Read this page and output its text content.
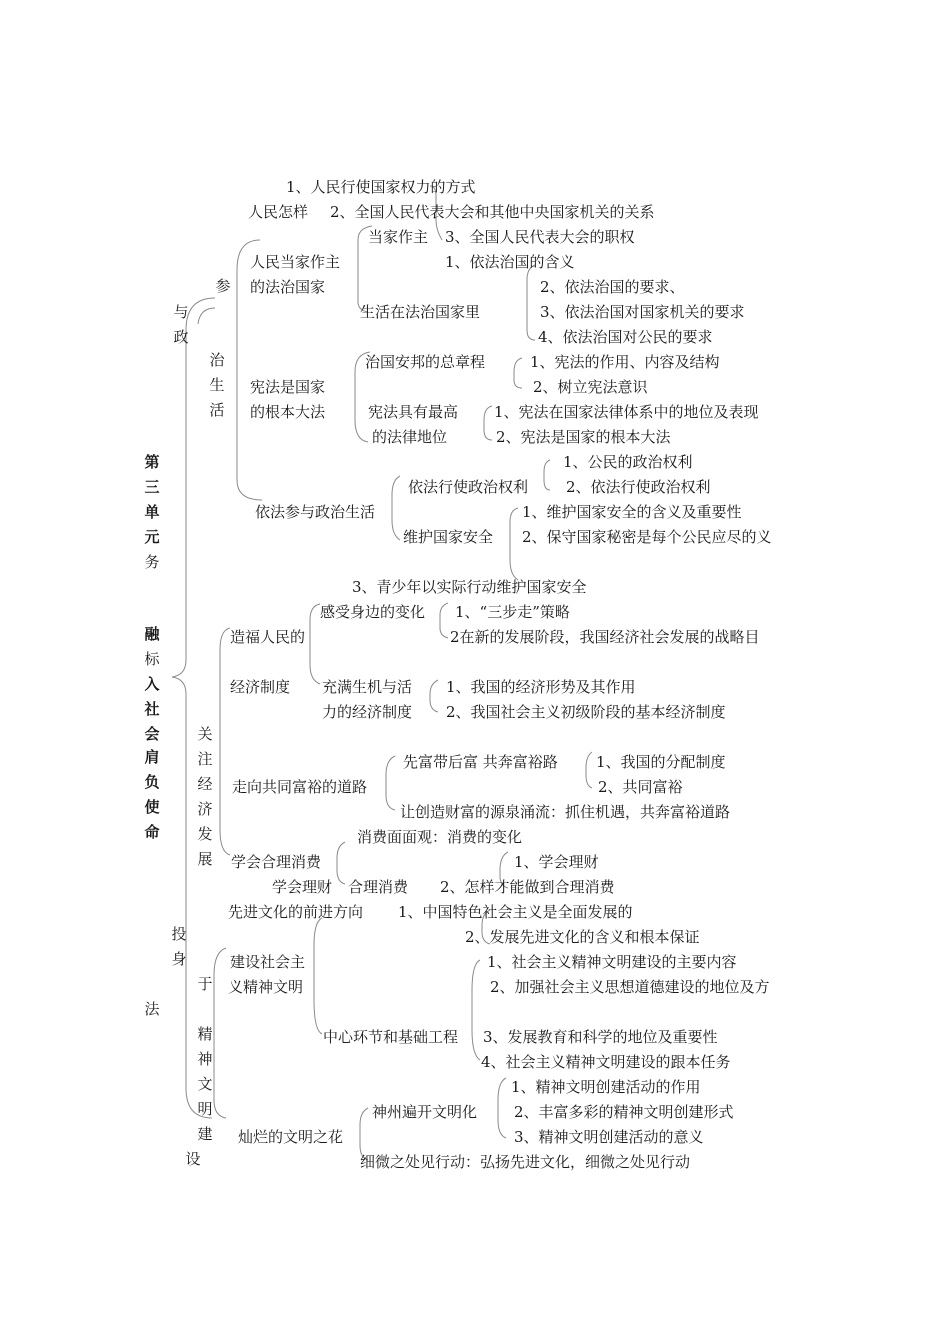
第
三
单
元
务
融
标
入
社
会
肩
负
使
命
法
与
政
参
治
生
活
关
注
经
济
发
展
投
身
于
精
神
文
明
建
设
1、人民行使国家权力的方式
人民怎样 2、全国人民代表大会和其他中央国家机关的关系
当家作主 3、全国人民代表大会的职权
人民当家作主	1、依法治国的含义
的法治国家	2、依法治国的要求、
生活在法治国家里	3、依法治国对国家机关的要求
4、依法治国对公民的要求
治国安邦的总章程	1、宪法的作用、内容及结构
宪法是国家	2、树立宪法意识
的根本大法	宪法具有最高 1、宪法在国家法律体系中的地位及表现
的法律地位	2、宪法是国家的根本大法
1、公民的政治权利
依法行使政治权利	2、依法行使政治权利
依法参与政治生活	1、维护国家安全的含义及重要性
维护国家安全 2、保守国家秘密是每个公民应尽的义
3、青少年以实际行动维护国家安全
感受身边的变化 1、“三步走”策略
造福人民的	2在新的发展阶段，我国经济社会发展的战略目
经济制度 充满生机与活 1、我国的经济形势及其作用
力的经济制度 2、我国社会主义初级阶段的基本经济制度
先富带后富 共奔富裕路	1、我国的分配制度
走向共同富裕的道路	2、共同富裕
让创造财富的源泉涌流：抓住机遇，共奔富裕道路
消费面面观：消费的变化
学会合理消费	1、学会理财
学会理财 合理消费 2、怎样才能做到合理消费
先进文化的前进方向 1、中国特色社会主义是全面发展的
2、发展先进文化的含义和根本保证
建设社会主	1、社会主义精神文明建设的主要内容
义精神文明	2、加强社会主义思想道德建设的地位及方
中心环节和基础工程 3、发展教育和科学的地位及重要性
4、社会主义精神文明建设的跟本任务
1、精神文明创建活动的作用
神州遍开文明化 2、丰富多彩的精神文明创建形式
灿烂的文明之花	3、精神文明创建活动的意义
细微之处见行动：弘扬先进文化，细微之处见行动
